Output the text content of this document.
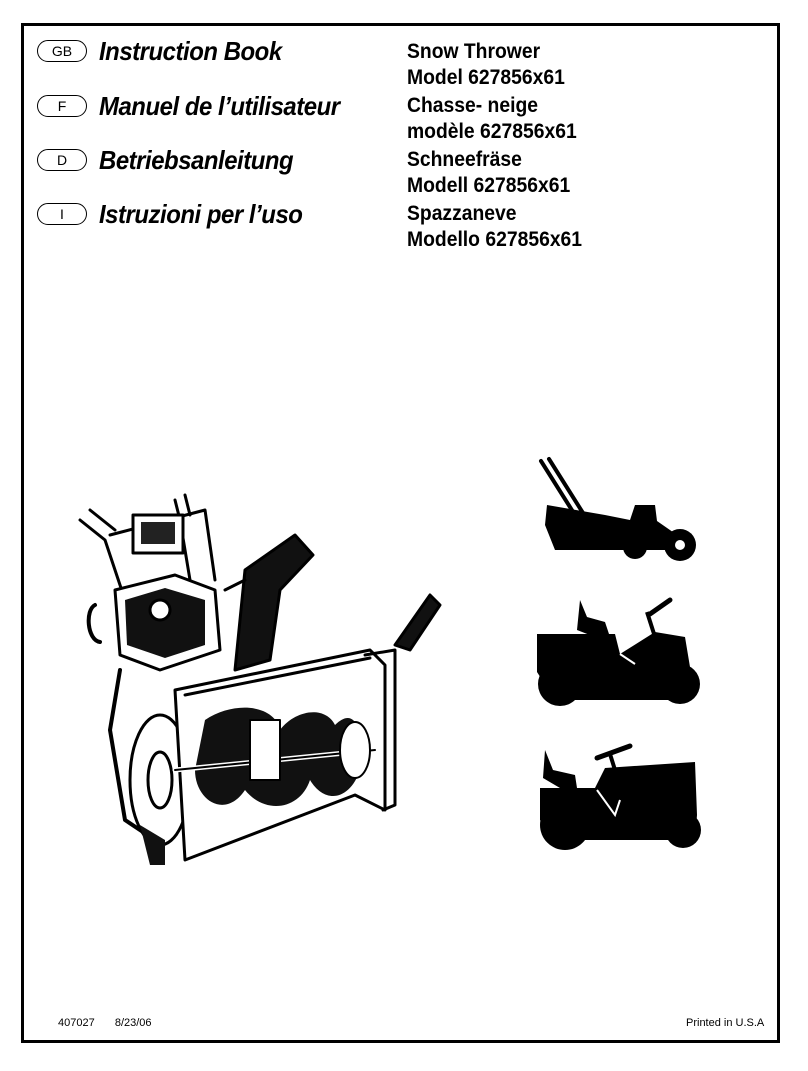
GB	Instruction Book
F	Manuel de l’utilisateur
D	Betriebsanleitung
I	Istruzioni per l’uso
Snow Thrower
Model 627856x61
Chasse- neige
modèle 627856x61
Schneefräse
Modell 627856x61
Spazzaneve
Modello 627856x61
407027 8/23/06	Printed in U.S.A
